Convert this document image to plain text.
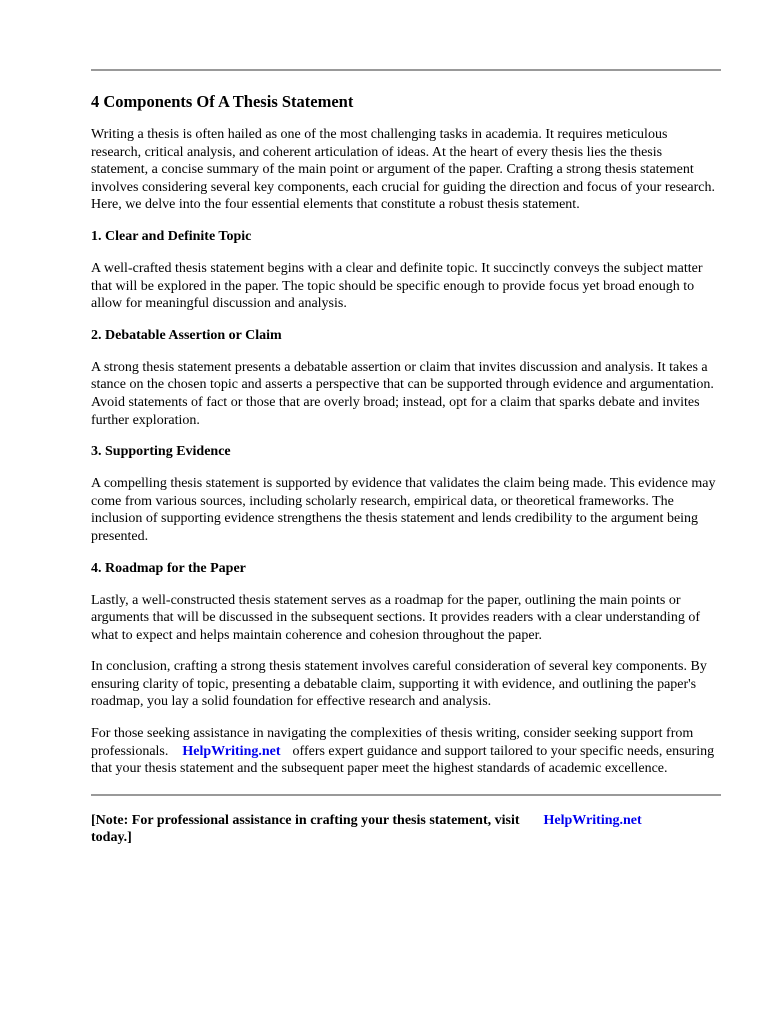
4 Components Of A Thesis Statement

Writing a thesis is often hailed as one of the most challenging tasks in academia. It requires meticulous research, critical analysis, and coherent articulation of ideas. At the heart of every thesis lies the thesis statement, a concise summary of the main point or argument of the paper. Crafting a strong thesis statement involves considering several key components, each crucial for guiding the direction and focus of your research. Here, we delve into the four essential elements that constitute a robust thesis statement.

1. Clear and Definite Topic

A well-crafted thesis statement begins with a clear and definite topic. It succinctly conveys the subject matter that will be explored in the paper. The topic should be specific enough to provide focus yet broad enough to allow for meaningful discussion and analysis.

2. Debatable Assertion or Claim

A strong thesis statement presents a debatable assertion or claim that invites discussion and analysis. It takes a stance on the chosen topic and asserts a perspective that can be supported through evidence and argumentation. Avoid statements of fact or those that are overly broad; instead, opt for a claim that sparks debate and invites further exploration.

3. Supporting Evidence

A compelling thesis statement is supported by evidence that validates the claim being made. This evidence may come from various sources, including scholarly research, empirical data, or theoretical frameworks. The inclusion of supporting evidence strengthens the thesis statement and lends credibility to the argument being presented.

4. Roadmap for the Paper

Lastly, a well-constructed thesis statement serves as a roadmap for the paper, outlining the main points or arguments that will be discussed in the subsequent sections. It provides readers with a clear understanding of what to expect and helps maintain coherence and cohesion throughout the paper.

In conclusion, crafting a strong thesis statement involves careful consideration of several key components. By ensuring clarity of topic, presenting a debatable claim, supporting it with evidence, and outlining the paper's roadmap, you lay a solid foundation for effective research and analysis.

For those seeking assistance in navigating the complexities of thesis writing, consider seeking support from professionals. HelpWriting.net offers expert guidance and support tailored to your specific needs, ensuring that your thesis statement and the subsequent paper meet the highest standards of academic excellence.

[Note: For professional assistance in crafting your thesis statement, visit HelpWriting.net
today.]
